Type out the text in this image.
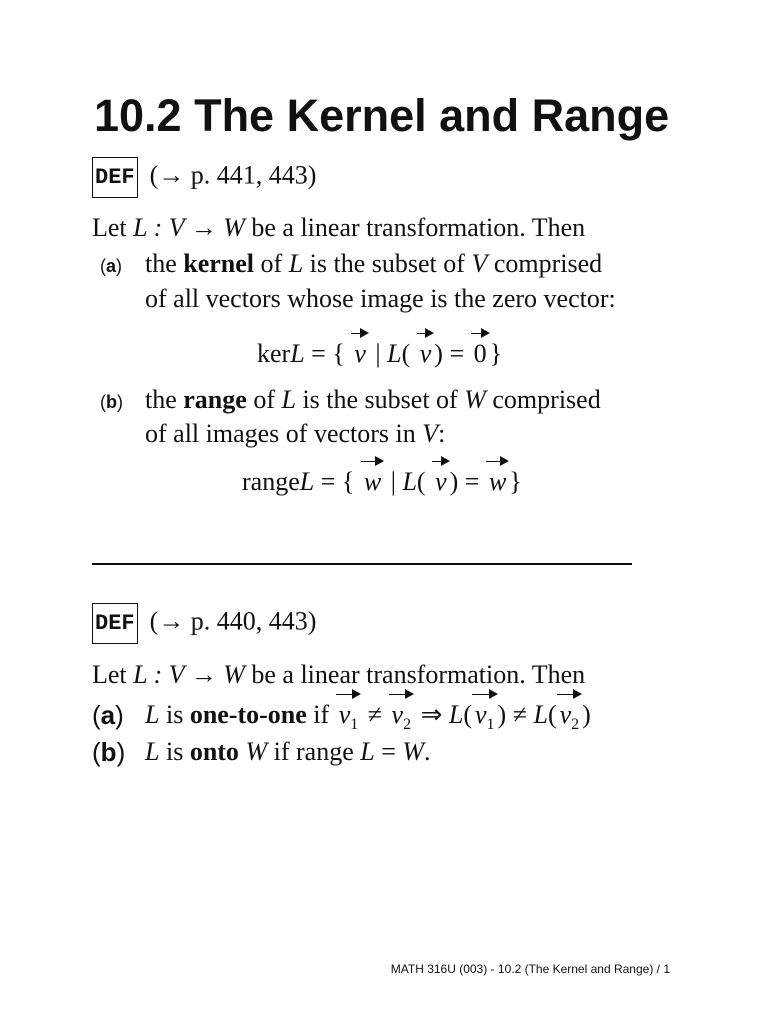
10.2 The Kernel and Range
DEF (→ p. 441, 443)
Let L : V → W be a linear transformation. Then
(a) the kernel of L is the subset of V comprised
of all vectors whose image is the zero vector:
kerL = { v | L( v ) = 0 }
(b) the range of L is the subset of W comprised
of all images of vectors in V:
rangeL = { w | L( v ) = w }
DEF (→ p. 440, 443)
Let L : V → W be a linear transformation. Then
(a) L is one-to-one if $v_1 \ne v_2$ ⇒ L( $v_1$ ) ≠ L( $v_2$ )
(b) L is onto W if range L = W.
MATH 316U (003) - 10.2 (The Kernel and Range) / 1
